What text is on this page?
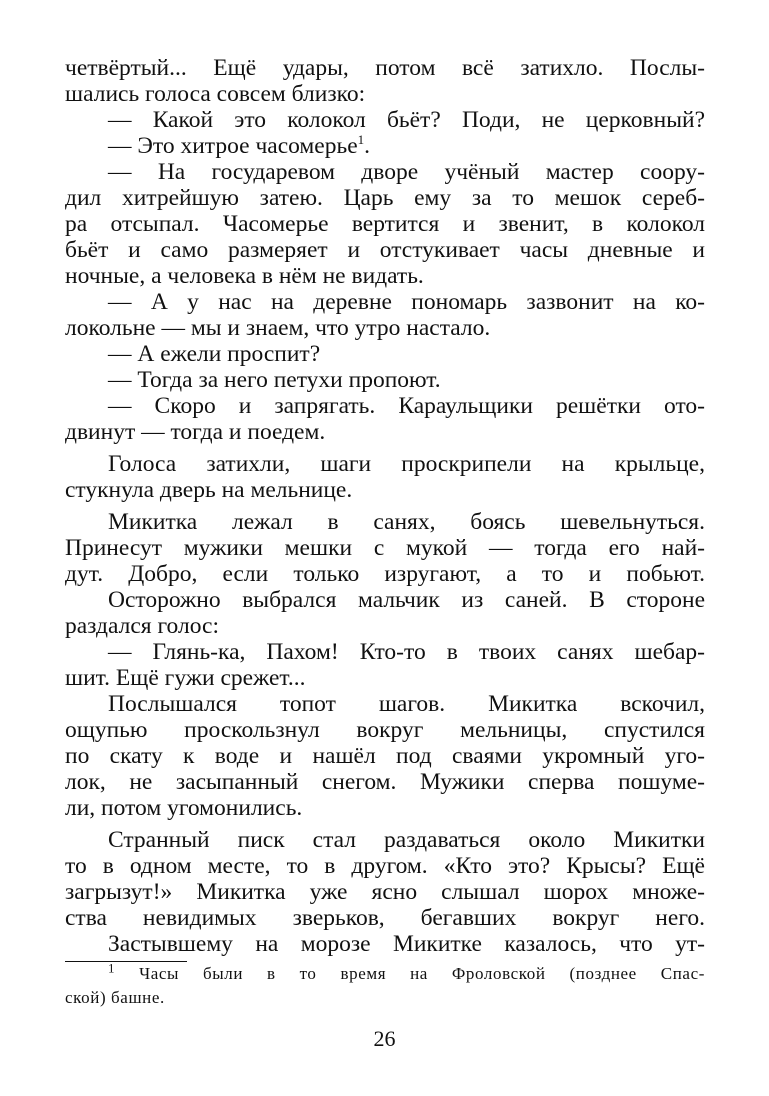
четвёртый... Ещё удары, потом всё затихло. Послы-
шались голоса совсем близко:
— Какой это колокол бьёт? Поди, не церковный?
— Это хитрое часомерье$^1$.
— На государевом дворе учёный мастер соору-
дил хитрейшую затею. Царь ему за то мешок сереб-
ра отсыпал. Часомерье вертится и звенит, в колокол
бьёт и само размеряет и отстукивает часы дневные и
ночные, а человека в нём не видать.
— А у нас на деревне пономарь зазвонит на ко-
локольне — мы и знаем, что утро настало.
— А ежели проспит?
— Тогда за него петухи пропоют.
— Скоро и запрягать. Караульщики решётки ото-
двинут — тогда и поедем.
Голоса затихли, шаги проскрипели на крыльце,
стукнула дверь на мельнице.
Микитка лежал в санях, боясь шевельнуться.
Принесут мужики мешки с мукой — тогда его най-
дут. Добро, если только изругают, а то и побьют.
Осторожно выбрался мальчик из саней. В стороне
раздался голос:
— Глянь-ка, Пахом! Кто-то в твоих санях шебар-
шит. Ещё гужи срежет...
Послышался топот шагов. Микитка вскочил,
ощупью проскользнул вокруг мельницы, спустился
по скату к воде и нашёл под сваями укромный уго-
лок, не засыпанный снегом. Мужики сперва пошуме-
ли, потом угомонились.
Странный писк стал раздаваться около Микитки
то в одном месте, то в другом. «Кто это? Крысы? Ещё
загрызут!» Микитка уже ясно слышал шорох множе-
ства невидимых зверьков, бегавших вокруг него.
Застывшему на морозе Микитке казалось, что ут-
$^1$ Часы были в то время на Фроловской (позднее Спас-
ской) башне.
26
